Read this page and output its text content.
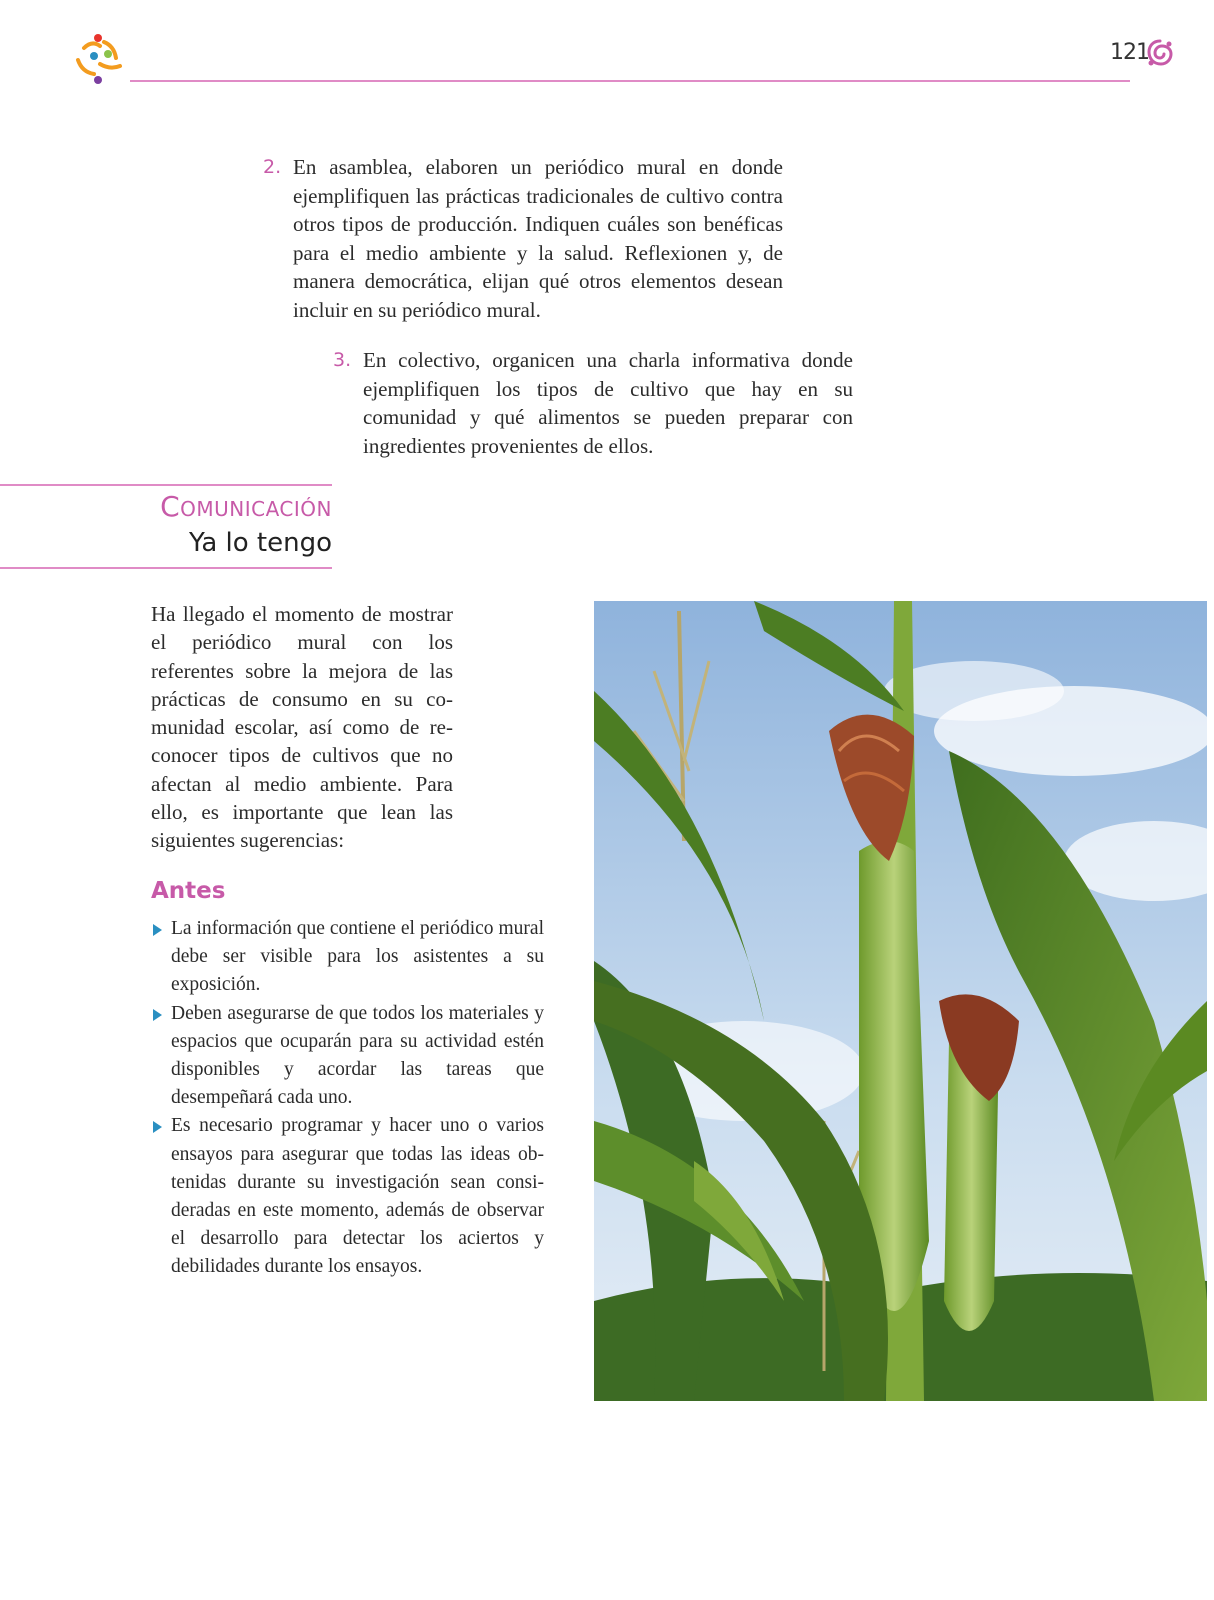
121
2. En asamblea, elaboren un periódico mural en donde ejemplifiquen las prácticas tradicionales de cultivo contra otros tipos de producción. Indiquen cuáles son benéficas para el medio ambiente y la salud. Reflexionen y, de manera democrática, elijan qué otros elementos desean incluir en su periódico mural.
3. En colectivo, organicen una charla informativa donde ejemplifiquen los tipos de cultivo que hay en su comunidad y qué alimentos se pueden preparar con ingredientes provenientes de ellos.
Comunicación
Ya lo tengo
Ha llegado el momento de mostrar el periódico mural con los referentes sobre la mejora de las prácticas de consumo en su comunidad escolar, así como de reconocer tipos de cultivos que no afectan al medio ambiente. Para ello, es importante que lean las siguientes sugerencias:
Antes
La información que contiene el periódico mural debe ser visible para los asistentes a su exposición.
Deben asegurarse de que todos los materiales y espacios que ocuparán para su actividad estén disponibles y acordar las tareas que desempeñará cada uno.
Es necesario programar y hacer uno o varios ensayos para asegurar que todas las ideas obtenidas durante su investigación sean consideradas en este momento, además de observar el desarrollo para detectar los aciertos y debilidades durante los ensayos.
